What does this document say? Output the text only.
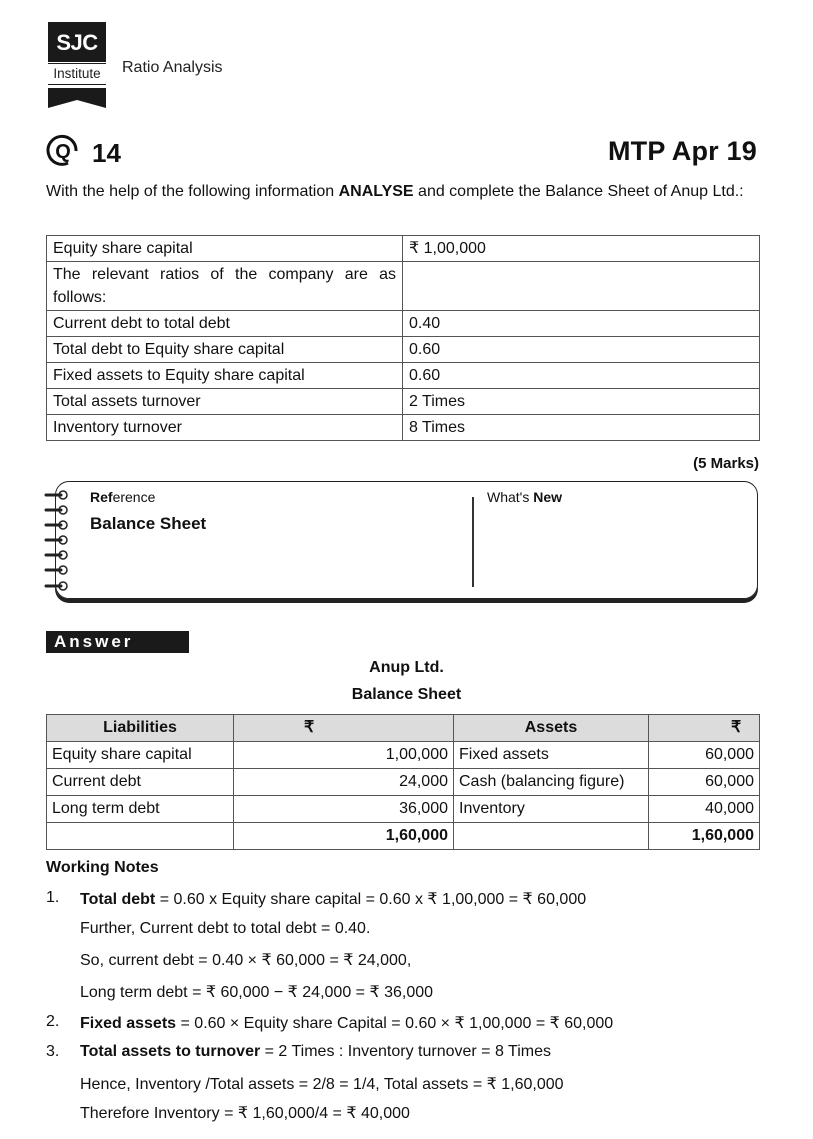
SJC
Institute	Ratio Analysis
Q 14	MTP Apr 19
With the help of the following information ANALYSE and complete the Balance Sheet of Anup Ltd.:
Equity share capital	₹ 1,00,000
The relevant ratios of the company are as follows:	
Current debt to total debt	0.40
Total debt to Equity share capital	0.60
Fixed assets to Equity share capital	0.60
Total assets turnover	2 Times
Inventory turnover	8 Times
(5 Marks)
Reference
Balance Sheet
What's New
Answer
Anup Ltd.
Balance Sheet
Liabilities	₹	Assets	₹
Equity share capital	1,00,000	Fixed assets	60,000
Current debt	24,000	Cash (balancing figure)	60,000
Long term debt	36,000	Inventory	40,000
	1,60,000		1,60,000
Working Notes
1. Total debt = 0.60 x Equity share capital = 0.60 x ₹ 1,00,000 = ₹ 60,000
Further, Current debt to total debt = 0.40.
So, current debt = 0.40 × ₹ 60,000 = ₹ 24,000,
Long term debt = ₹ 60,000 − ₹ 24,000 = ₹ 36,000
2. Fixed assets = 0.60 × Equity share Capital = 0.60 × ₹ 1,00,000 = ₹ 60,000
3. Total assets to turnover = 2 Times : Inventory turnover = 8 Times
Hence, Inventory /Total assets = 2/8 = 1/4, Total assets = ₹ 1,60,000
Therefore Inventory = ₹ 1,60,000/4 = ₹ 40,000
